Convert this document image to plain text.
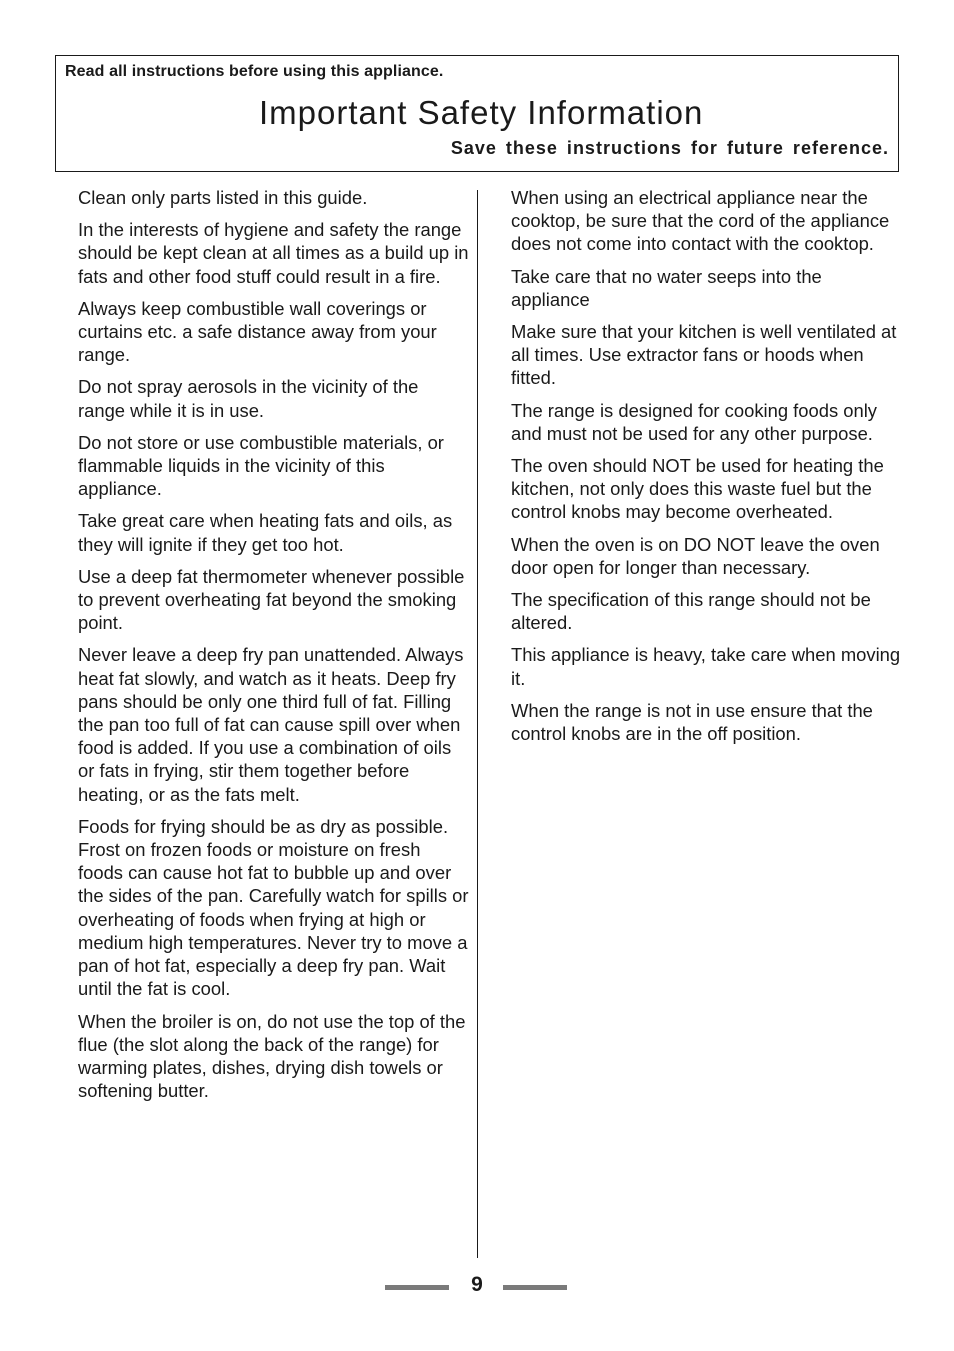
Read all instructions before using this appliance.
Important Safety Information
Save these instructions for future reference.

Clean only parts listed in this guide.

In the interests of hygiene and safety the range should be kept clean at all times as a build up in fats and other food stuff could result in a fire.

Always keep combustible wall coverings or curtains etc. a safe distance away from your range.

Do not spray aerosols in the vicinity of the range while it is in use.

Do not store or use combustible materials, or flammable liquids in the vicinity of this appliance.

Take great care when heating fats and oils, as they will ignite if they get too hot.

Use a deep fat thermometer whenever possible to prevent overheating fat beyond the smoking point.

Never leave a deep fry pan unattended. Always heat fat slowly, and watch as it heats. Deep fry pans should be only one third full of fat. Filling the pan too full of fat can cause spill over when food is added. If you use a combination of oils or fats in frying, stir them together before heating, or as the fats melt.

Foods for frying should be as dry as possible. Frost on frozen foods or moisture on fresh foods can cause hot fat to bubble up and over the sides of the pan. Carefully watch for spills or overheating of foods when frying at high or medium high temperatures. Never try to move a pan of hot fat, especially a deep fry pan. Wait until the fat is cool.

When the broiler is on, do not use the top of the flue (the slot along the back of the range) for warming plates, dishes, drying dish towels or softening butter.

When using an electrical appliance near the cooktop, be sure that the cord of the appliance does not come into contact with the cooktop.

Take care that no water seeps into the appliance

Make sure that your kitchen is well ventilated at all times. Use extractor fans or hoods when fitted.

The range is designed for cooking foods only and must not be used for any other purpose.

The oven should NOT be used for heating the kitchen, not only does this waste fuel but the control knobs may become overheated.

When the oven is on DO NOT leave the oven door open for longer than necessary.

The specification of this range should not be altered.

This appliance is heavy, take care when moving it.

When the range is not in use ensure that the control knobs are in the off position.

9
